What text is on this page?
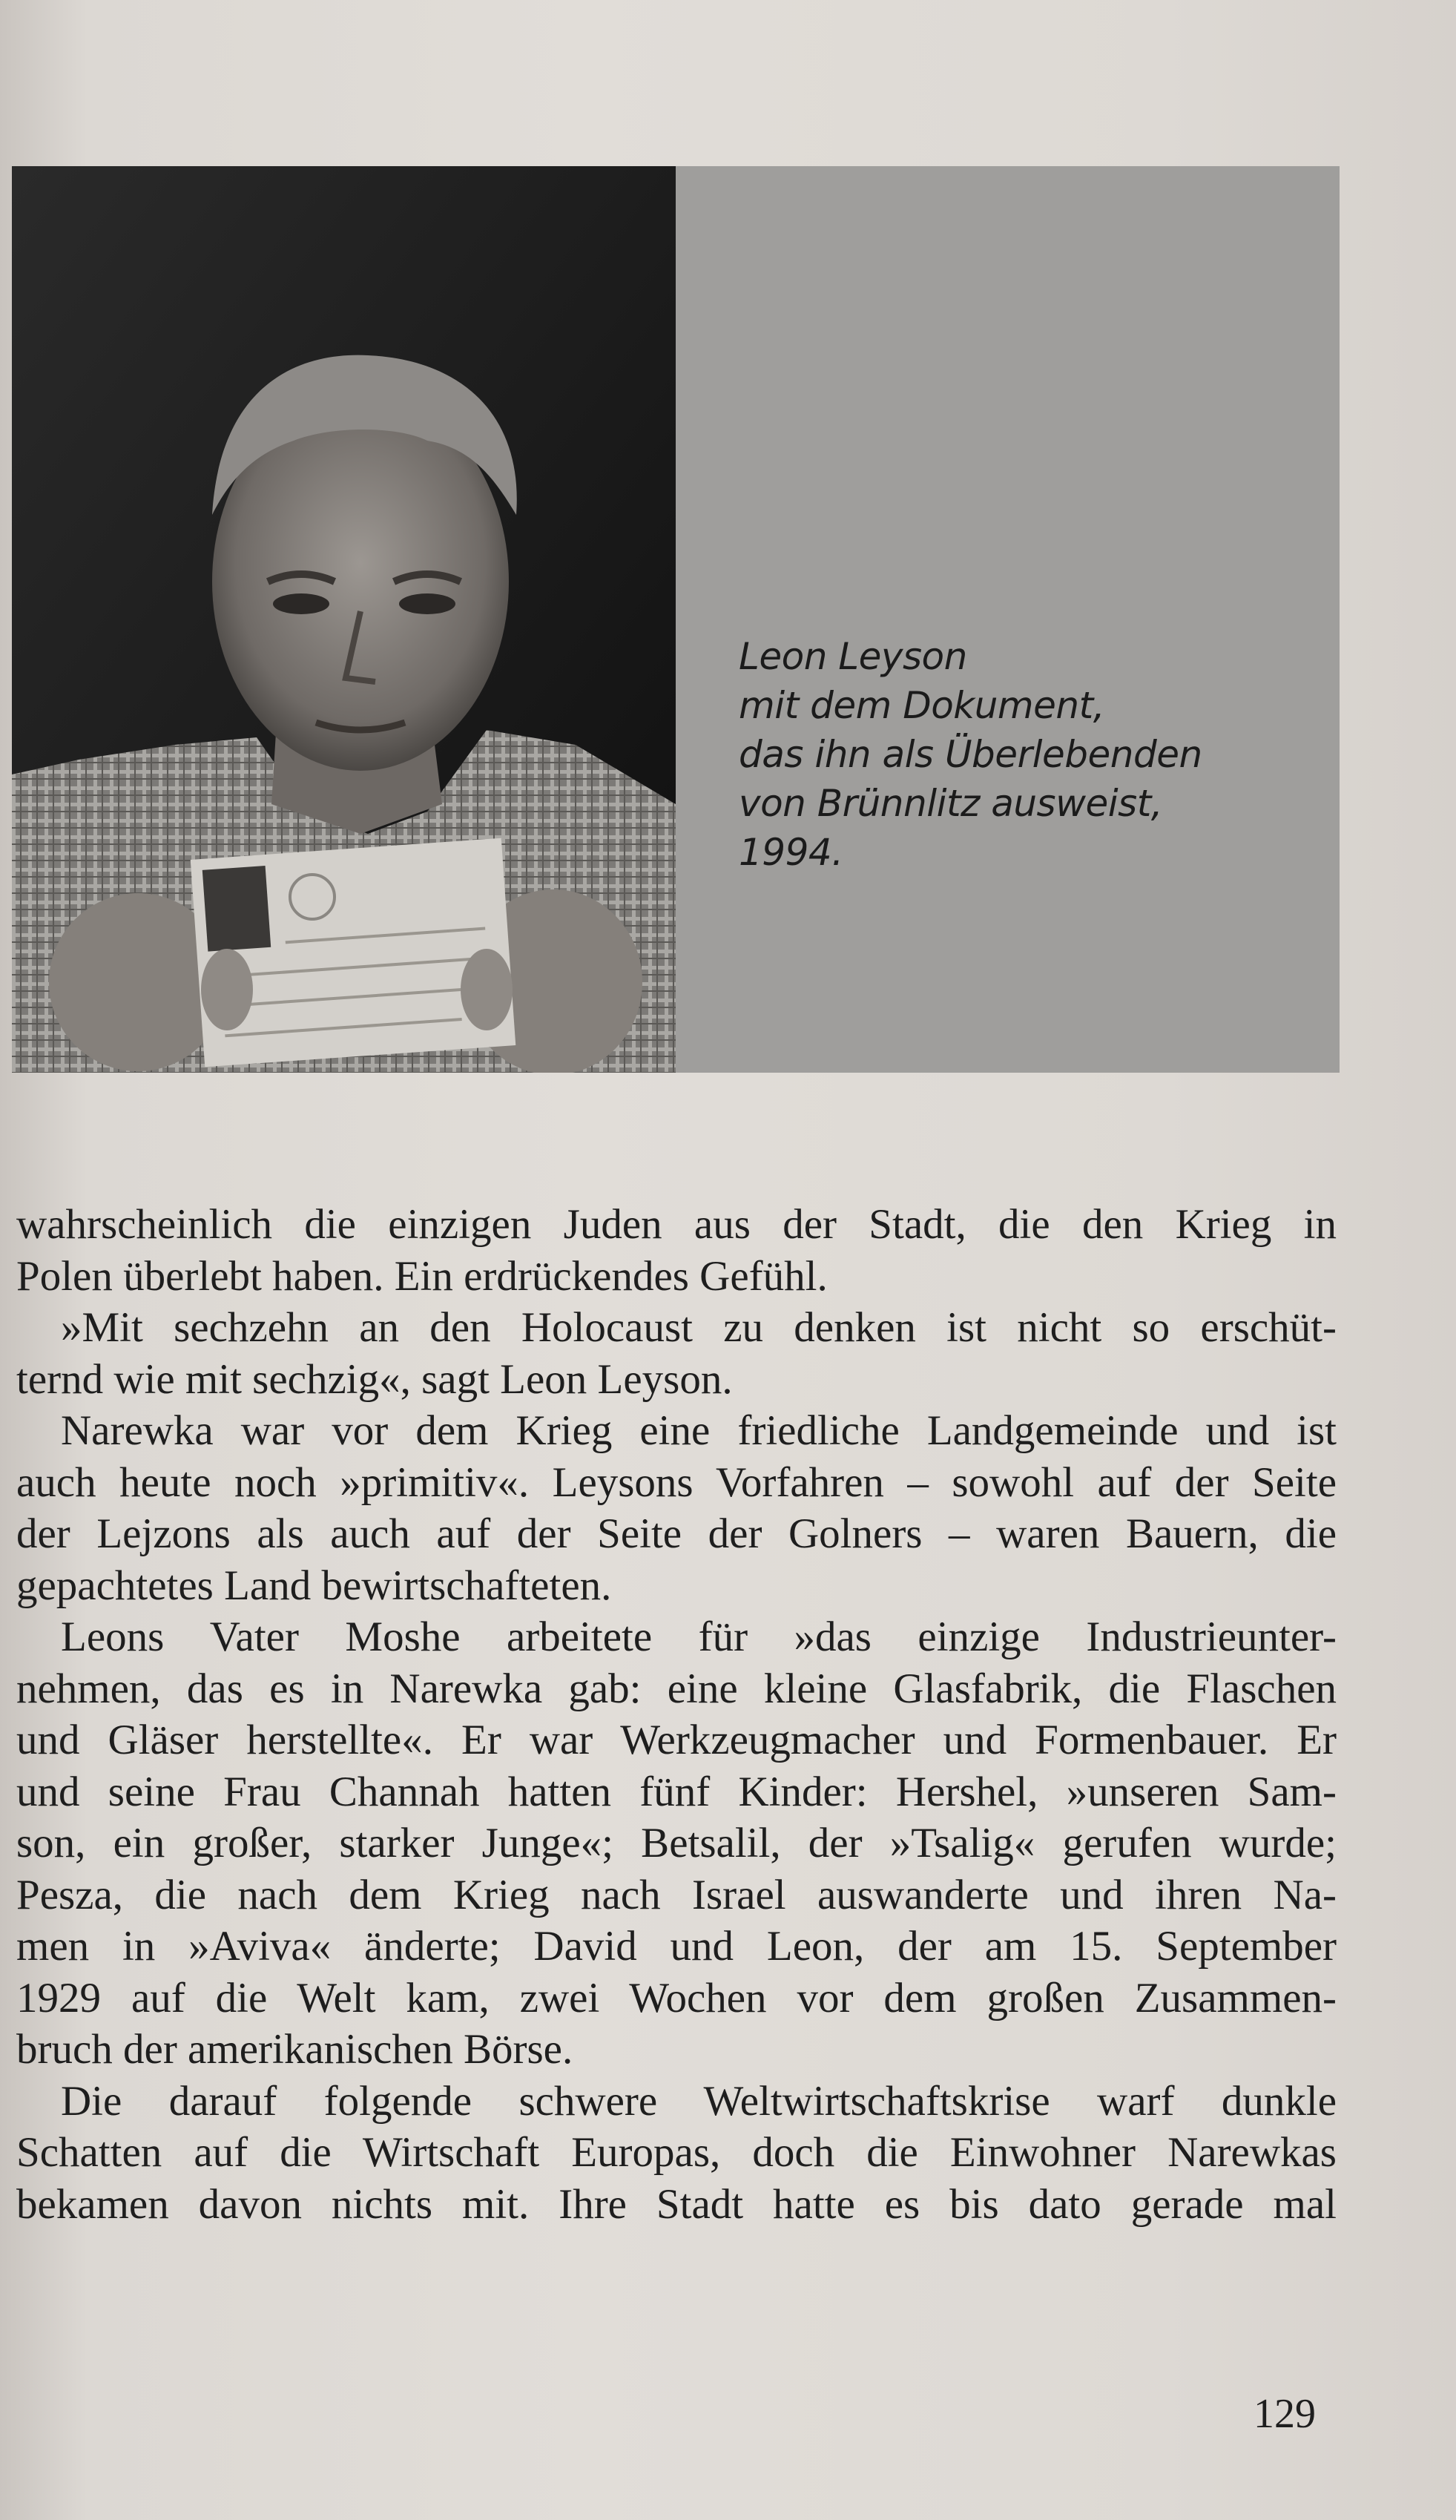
Leon Leyson
mit dem Dokument,
das ihn als Überlebenden
von Brünnlitz ausweist,
1994.
wahrscheinlich die einzigen Juden aus der Stadt, die den Krieg in
Polen überlebt haben. Ein erdrückendes Gefühl.
»Mit sechzehn an den Holocaust zu denken ist nicht so erschüt-
ternd wie mit sechzig«, sagt Leon Leyson.
Narewka war vor dem Krieg eine friedliche Landgemeinde und ist
auch heute noch »primitiv«. Leysons Vorfahren – sowohl auf der Seite
der Lejzons als auch auf der Seite der Golners – waren Bauern, die
gepachtetes Land bewirtschafteten.
Leons Vater Moshe arbeitete für »das einzige Industrieunter-
nehmen, das es in Narewka gab: eine kleine Glasfabrik, die Flaschen
und Gläser herstellte«. Er war Werkzeugmacher und Formenbauer. Er
und seine Frau Channah hatten fünf Kinder: Hershel, »unseren Sam-
son, ein großer, starker Junge«; Betsalil, der »Tsalig« gerufen wurde;
Pesza, die nach dem Krieg nach Israel auswanderte und ihren Na-
men in »Aviva« änderte; David und Leon, der am 15. September
1929 auf die Welt kam, zwei Wochen vor dem großen Zusammen-
bruch der amerikanischen Börse.
Die darauf folgende schwere Weltwirtschaftskrise warf dunkle
Schatten auf die Wirtschaft Europas, doch die Einwohner Narewkas
bekamen davon nichts mit. Ihre Stadt hatte es bis dato gerade mal
129
